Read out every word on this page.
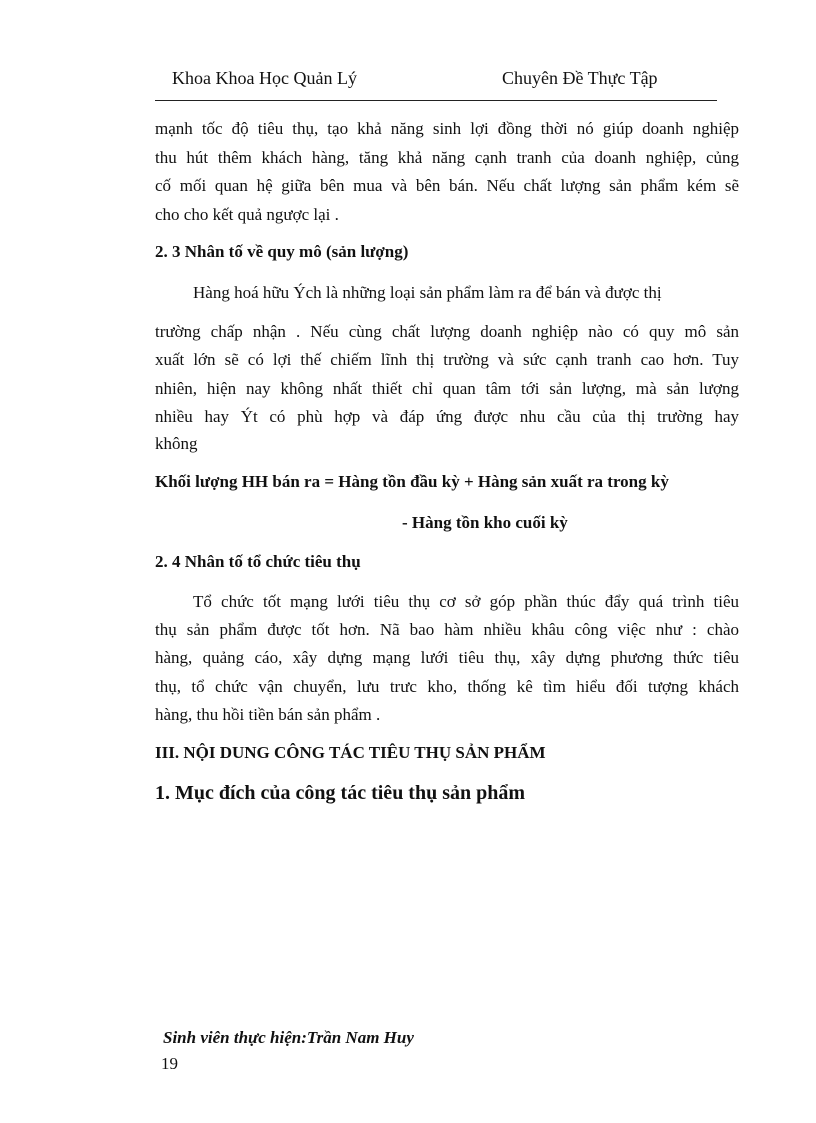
Khoa Khoa Học Quản Lý	Chuyên Đề Thực Tập
mạnh tốc độ tiêu thụ, tạo khả năng sinh lợi đồng thời nó giúp doanh nghiệp
thu hút thêm khách hàng, tăng khả năng cạnh tranh của doanh nghiệp, củng
cố mối quan hệ giữa bên mua và bên bán. Nếu chất lượng sản phẩm kém sẽ
cho cho kết quả ngược lại .
2. 3 Nhân tố về quy mô (sản lượng)
Hàng hoá hữu Ých là những loại sản phẩm làm ra để bán và được thị
trường chấp nhận . Nếu cùng chất lượng doanh nghiệp nào có quy mô sản
xuất lớn sẽ có lợi thế chiếm lĩnh thị trường và sức cạnh tranh cao hơn. Tuy
nhiên, hiện nay không nhất thiết chỉ quan tâm tới sản lượng, mà sản lượng
nhiều hay Ýt có phù hợp và đáp ứng được nhu cầu của thị trường hay
không
Khối lượng HH bán ra = Hàng tồn đầu kỳ + Hàng sản xuất ra trong kỳ
- Hàng tồn kho cuối kỳ
2. 4 Nhân tố tổ chức tiêu thụ
Tổ chức tốt mạng lưới tiêu thụ cơ sở góp phần thúc đẩy quá trình tiêu
thụ sản phẩm được tốt hơn. Nã bao hàm nhiều khâu công việc như : chào
hàng, quảng cáo, xây dựng mạng lưới tiêu thụ, xây dựng phương thức tiêu
thụ, tổ chức vận chuyển, lưu trưc kho, thống kê tìm hiểu đối tượng khách
hàng, thu hồi tiền bán sản phẩm .
III. NỘI DUNG CÔNG TÁC TIÊU THỤ SẢN PHẨM
1. Mục đích của công tác tiêu thụ sản phẩm
Sinh viên thực hiện:Trần Nam Huy
19
